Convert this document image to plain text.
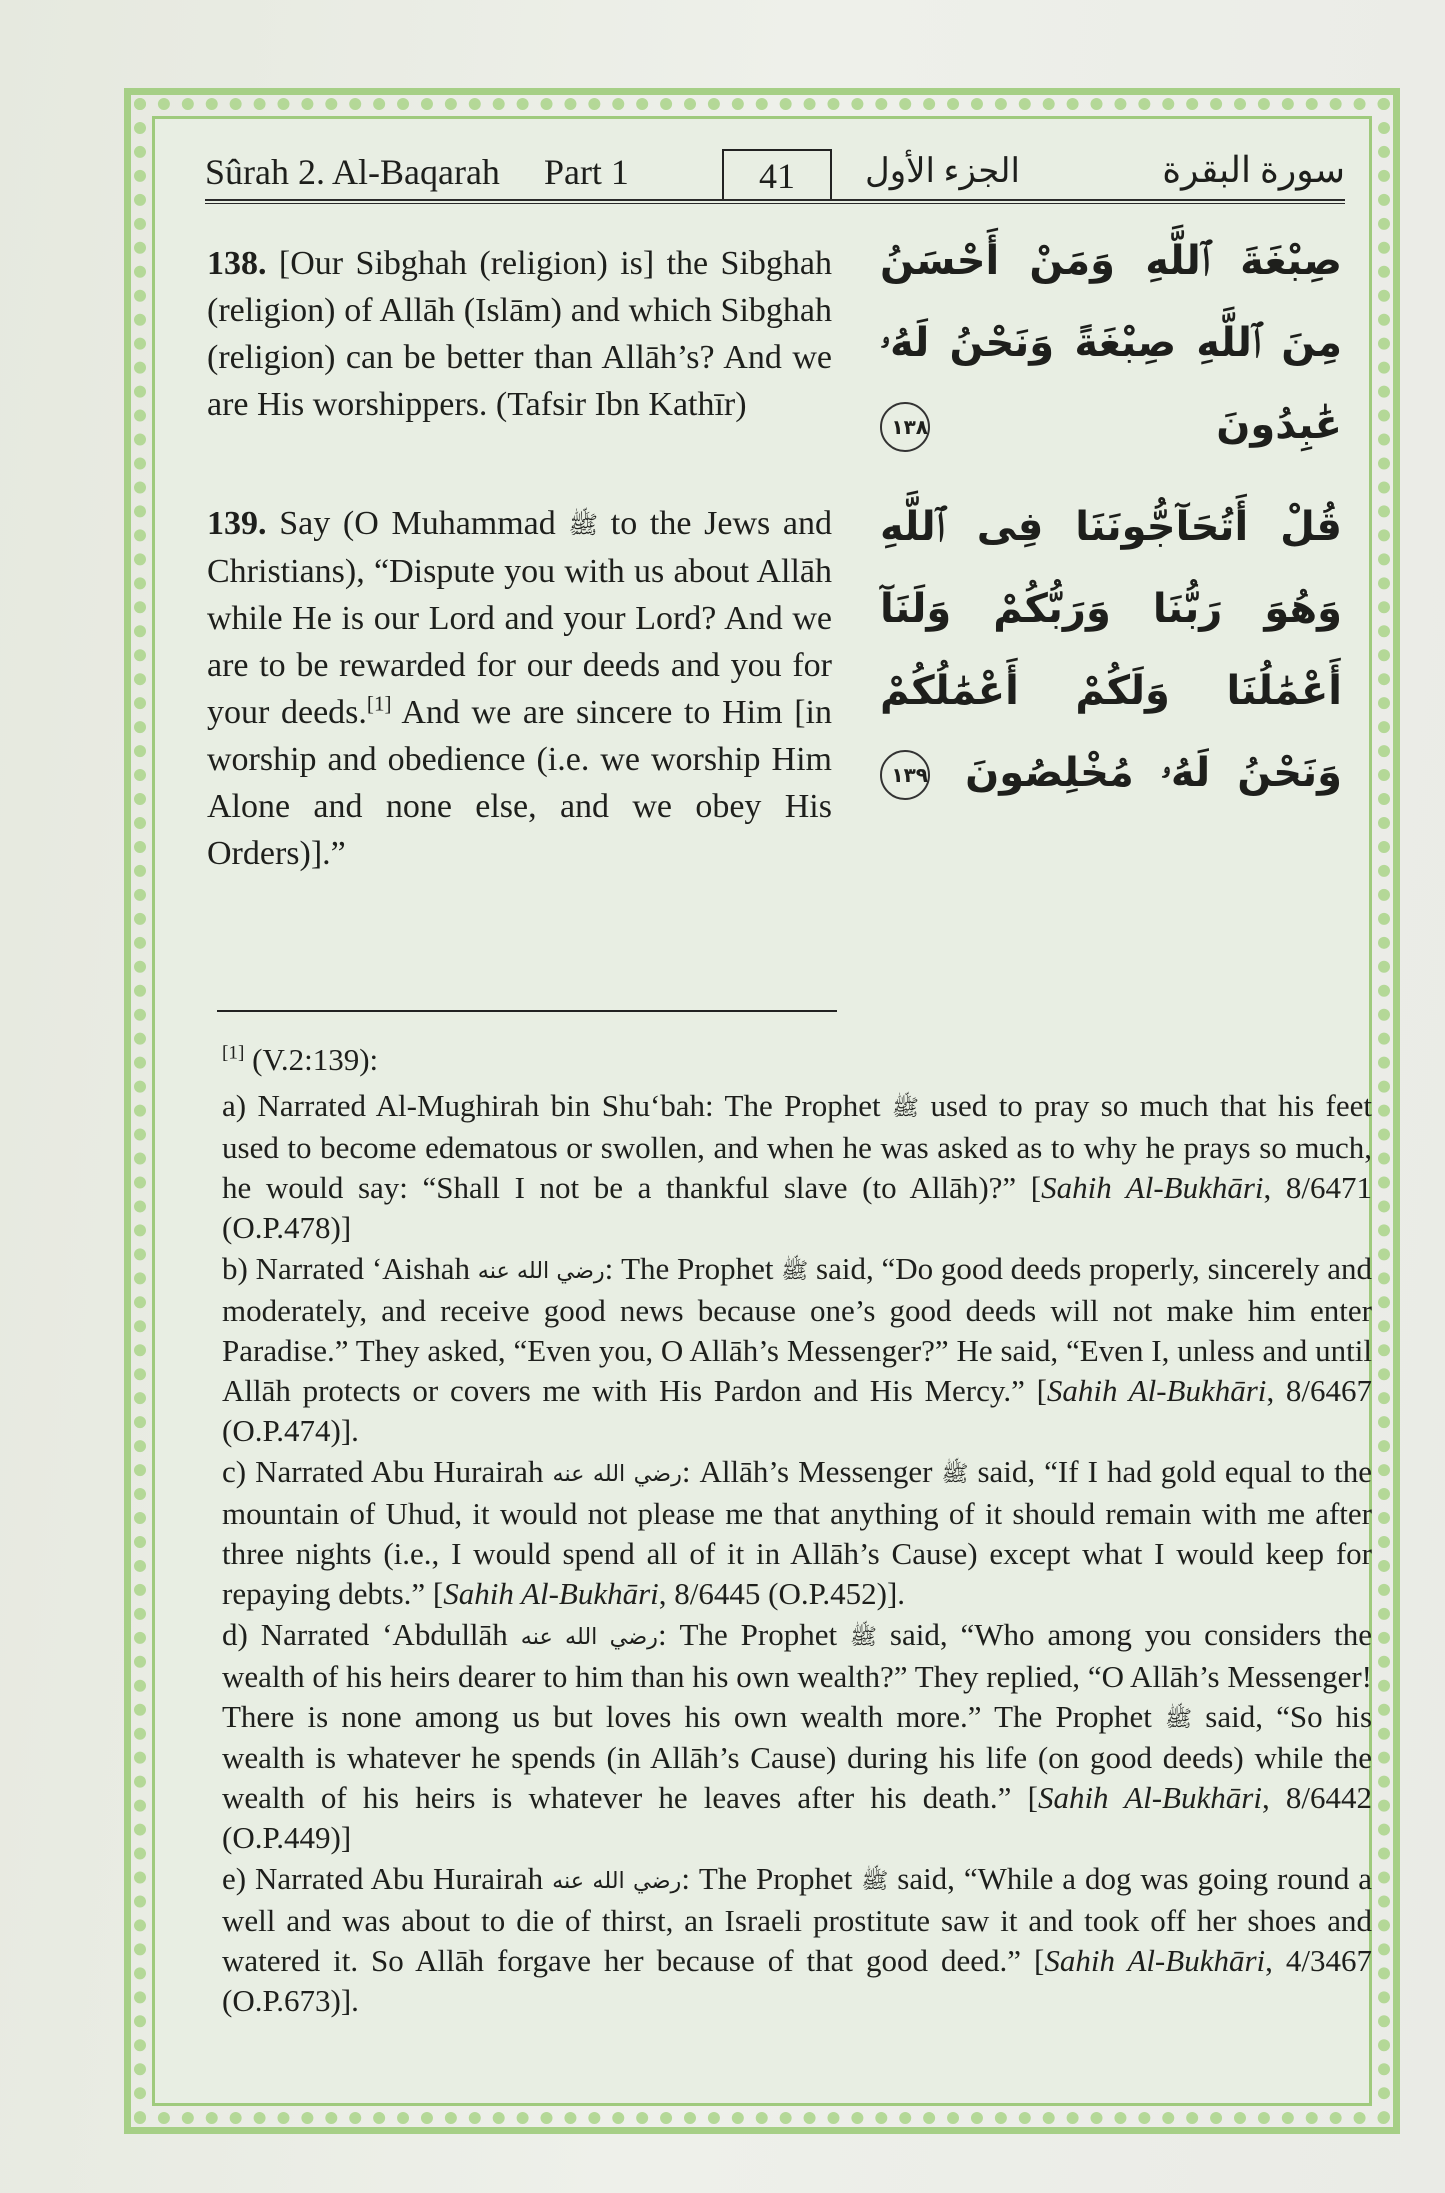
Sûrah 2. Al-Baqarah Part 1	41	الجزء الأول	سورة البقرة
138. [Our Sibghah (religion) is] the Sibghah (religion) of Allāh (Islām) and which Sibghah (religion) can be better than Allāh’s? And we are His worshippers. (Tafsir Ibn Kathīr)
صِبْغَةَ ٱللَّهِ وَمَنْ أَحْسَنُ مِنَ ٱللَّهِ صِبْغَةً وَنَحْنُ لَهُۥ عَٰبِدُونَ ١٣٨
139. Say (O Muhammad ﷺ to the Jews and Christians), “Dispute you with us about Allāh while He is our Lord and your Lord? And we are to be rewarded for our deeds and you for your deeds.[1] And we are sincere to Him [in worship and obedience (i.e. we worship Him Alone and none else, and we obey His Orders)].”
قُلْ أَتُحَآجُّونَنَا فِى ٱللَّهِ وَهُوَ رَبُّنَا وَرَبُّكُمْ وَلَنَآ أَعْمَٰلُنَا وَلَكُمْ أَعْمَٰلُكُمْ وَنَحْنُ لَهُۥ مُخْلِصُونَ ١٣٩
[1] (V.2:139):

a) Narrated Al-Mughirah bin Shu‘bah: The Prophet ﷺ used to pray so much that his feet used to become edematous or swollen, and when he was asked as to why he prays so much, he would say: “Shall I not be a thankful slave (to Allāh)?” [Sahih Al-Bukhāri, 8/6471 (O.P.478)]

b) Narrated ‘Aishah رضي الله عنه: The Prophet ﷺ said, “Do good deeds properly, sincerely and moderately, and receive good news because one’s good deeds will not make him enter Paradise.” They asked, “Even you, O Allāh’s Messenger?” He said, “Even I, unless and until Allāh protects or covers me with His Pardon and His Mercy.” [Sahih Al-Bukhāri, 8/6467 (O.P.474)].

c) Narrated Abu Hurairah رضي الله عنه: Allāh’s Messenger ﷺ said, “If I had gold equal to the mountain of Uhud, it would not please me that anything of it should remain with me after three nights (i.e., I would spend all of it in Allāh’s Cause) except what I would keep for repaying debts.” [Sahih Al-Bukhāri, 8/6445 (O.P.452)].

d) Narrated ‘Abdullāh رضي الله عنه: The Prophet ﷺ said, “Who among you considers the wealth of his heirs dearer to him than his own wealth?” They replied, “O Allāh’s Messenger! There is none among us but loves his own wealth more.” The Prophet ﷺ said, “So his wealth is whatever he spends (in Allāh’s Cause) during his life (on good deeds) while the wealth of his heirs is whatever he leaves after his death.” [Sahih Al-Bukhāri, 8/6442 (O.P.449)]

e) Narrated Abu Hurairah رضي الله عنه: The Prophet ﷺ said, “While a dog was going round a well and was about to die of thirst, an Israeli prostitute saw it and took off her shoes and watered it. So Allāh forgave her because of that good deed.” [Sahih Al-Bukhāri, 4/3467 (O.P.673)].
